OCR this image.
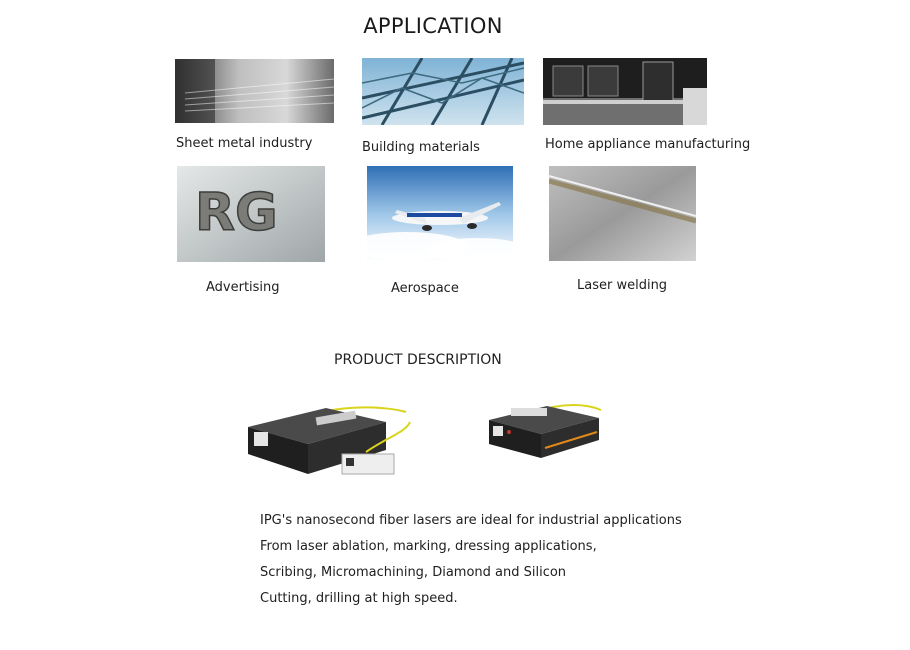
APPLICATION
Sheet metal industry	Building materials	Home appliance manufacturing
RG
Advertising	Aerospace	Laser welding
PRODUCT DESCRIPTION
IPG's nanosecond fiber lasers are ideal for industrial applications
From laser ablation, marking, dressing applications,
Scribing, Micromachining, Diamond and Silicon
Cutting, drilling at high speed.
